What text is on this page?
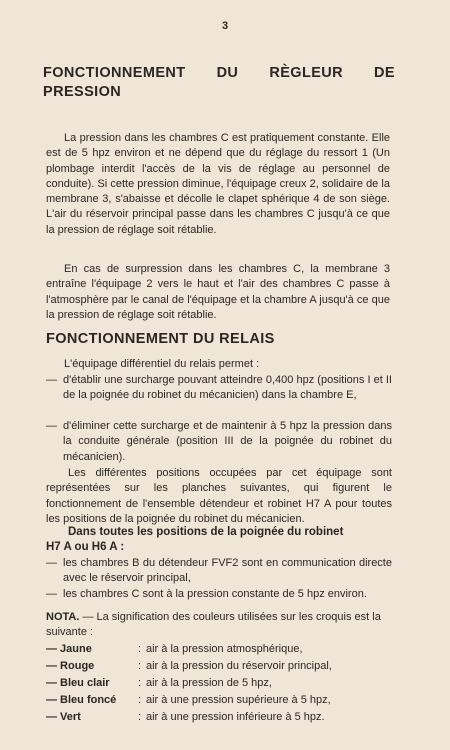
3
FONCTIONNEMENT DU RÈGLEUR DE PRESSION

La pression dans les chambres C est pratiquement constante. Elle est de 5 hpz environ et ne dépend que du réglage du ressort 1 (Un plombage interdit l'accès de la vis de réglage au personnel de conduite). Si cette pression diminue, l'équipage creux 2, solidaire de la membrane 3, s'abaisse et décolle le clapet sphérique 4 de son siège. L'air du réservoir principal passe dans les chambres C jusqu'à ce que la pression de réglage soit rétablie.

En cas de surpression dans les chambres C, la membrane 3 entraîne l'équipage 2 vers le haut et l'air des chambres C passe à l'atmosphère par le canal de l'équipage et la chambre A jusqu'à ce que la pression de réglage soit rétablie.

FONCTIONNEMENT DU RELAIS

L'équipage différentiel du relais permet :

— d'établir une surcharge pouvant atteindre 0,400 hpz (positions I et II de la poignée du robinet du mécanicien) dans la chambre E,
— d'éliminer cette surcharge et de maintenir à 5 hpz la pression dans la conduite générale (position III de la poignée du robinet du mécanicien).

Les différentes positions occupées par cet équipage sont représentées sur les planches suivantes, qui figurent le fonctionnement de l'ensemble détendeur et robinet H7 A pour toutes les positions de la poignée du robinet du mécanicien.

Dans toutes les positions de la poignée du robinet
H7 A ou H6 A :
— les chambres B du détendeur FVF2 sont en communication directe avec le réservoir principal,
— les chambres C sont à la pression constante de 5 hpz environ.
NOTA. — La signification des couleurs utilisées sur les croquis est la suivante :
— Jaune	: air à la pression atmosphérique,
— Rouge	: air à la pression du réservoir principal,
— Bleu clair	: air à la pression de 5 hpz,
— Bleu foncé : air à une pression supérieure à 5 hpz,
— Vert	: air à une pression inférieure à 5 hpz.
